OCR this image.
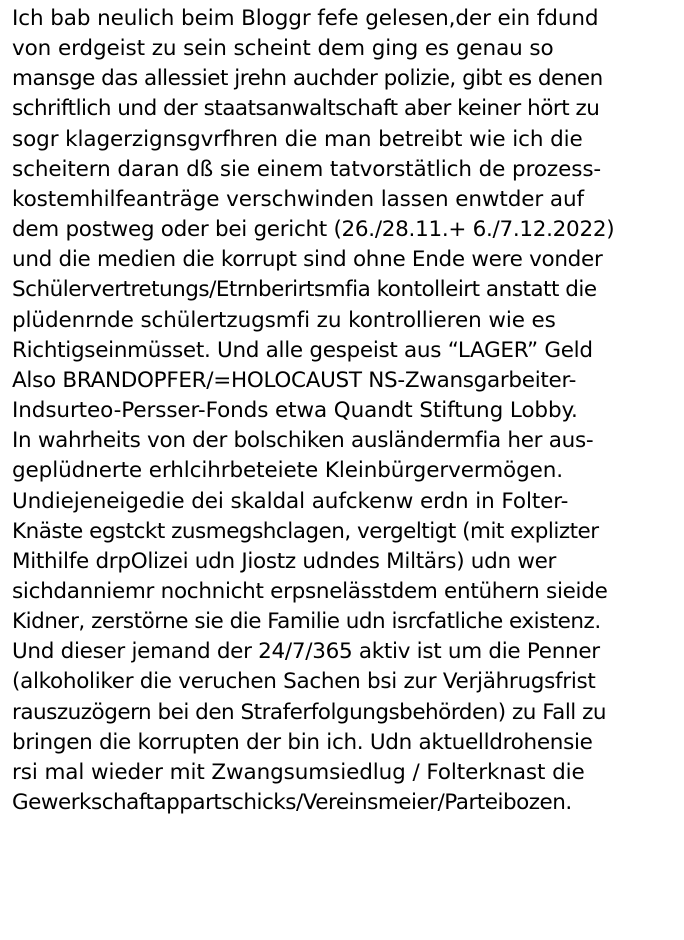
Ich bab neulich beim Bloggr fefe gelesen,der ein fdund
von erdgeist zu sein scheint dem ging es genau so
mansge das allessiet jrehn auchder polizie, gibt es denen
schriftlich und der staatsanwaltschaft aber keiner hört zu
sogr klagerzignsgvrfhren die man betreibt wie ich die
scheitern daran dß sie einem tatvorstätlich de prozess-
kostemhilfeanträge verschwinden lassen enwtder auf
dem postweg oder bei gericht (26./28.11.+ 6./7.12.2022)
und die medien die korrupt sind ohne Ende were vonder
Schülervertretungs/Etrnberirtsmfia kontolleirt anstatt die
plüdenrnde schülertzugsmfi zu kontrollieren wie es
Richtigseinmüsset. Und alle gespeist aus “LAGER” Geld
Also BRANDOPFER/=HOLOCAUST NS-Zwansgarbeiter-
Indsurteo-Persser-Fonds etwa Quandt Stiftung Lobby.
In wahrheits von der bolschiken ausländermfia her aus-
geplüdnerte erhlcihrbeteiete Kleinbürgervermögen.
Undiejeneigedie dei skaldal aufckenw erdn in Folter-
Knäste egstckt zusmegshclagen, vergeltigt (mit explizter
Mithilfe drpOlizei udn Jiostz udndes Miltärs) udn wer
sichdanniemr nochnicht erpsnelässtdem entühern sieide
Kidner, zerstörne sie die Familie udn isrcfatliche existenz.
Und dieser jemand der 24/7/365 aktiv ist um die Penner
(alkoholiker die veruchen Sachen bsi zur Verjährugsfrist
rauszuzögern bei den Straferfolgungsbehörden) zu Fall zu
bringen die korrupten der bin ich. Udn aktuelldrohensie
rsi mal wieder mit Zwangsumsiedlug / Folterknast die
Gewerkschaftappartschicks/Vereinsmeier/Parteibozen.
